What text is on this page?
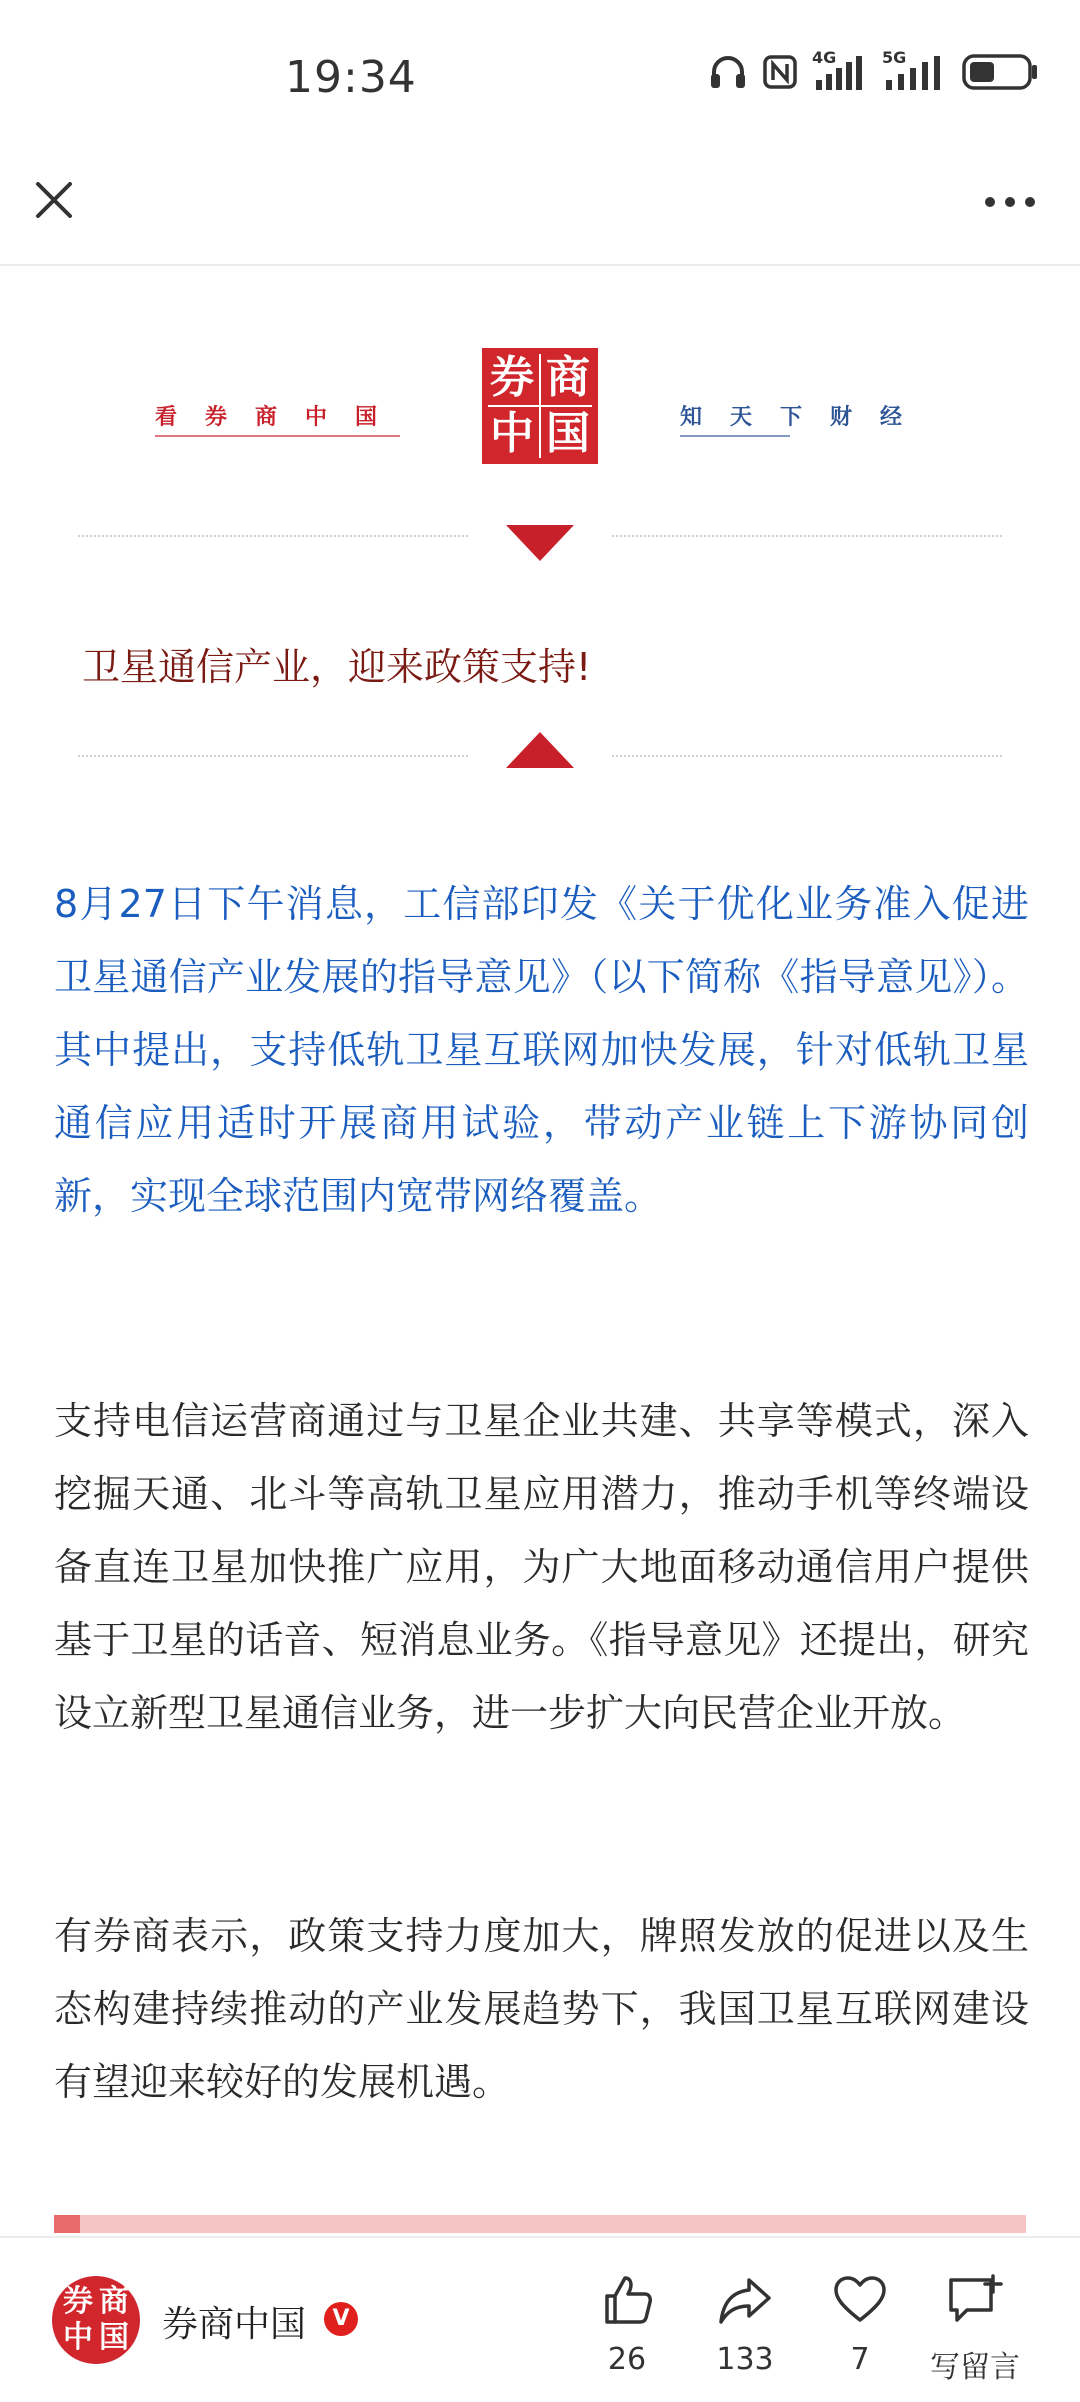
19:34	4G	5G
看券商中国
券 商
中 国	知天下财经
卫星通信产业，迎来政策支持!
8月27日下午消息，工信部印发《关于优化业务准入促进卫星通信产业发展的指导意见》（以下简称《指导意见》）。其中提出，支持低轨卫星互联网加快发展，针对低轨卫星通信应用适时开展商用试验，带动产业链上下游协同创新，实现全球范围内宽带网络覆盖。
支持电信运营商通过与卫星企业共建、共享等模式，深入挖掘天通、北斗等高轨卫星应用潜力，推动手机等终端设备直连卫星加快推广应用，为广大地面移动通信用户提供基于卫星的话音、短消息业务。《指导意见》还提出，研究设立新型卫星通信业务，进一步扩大向民营企业开放。
有券商表示，政策支持力度加大，牌照发放的促进以及生态构建持续推动的产业发展趋势下，我国卫星互联网建设有望迎来较好的发展机遇。
券 商
中 国 券商中国	V
26	133	7	写留言
